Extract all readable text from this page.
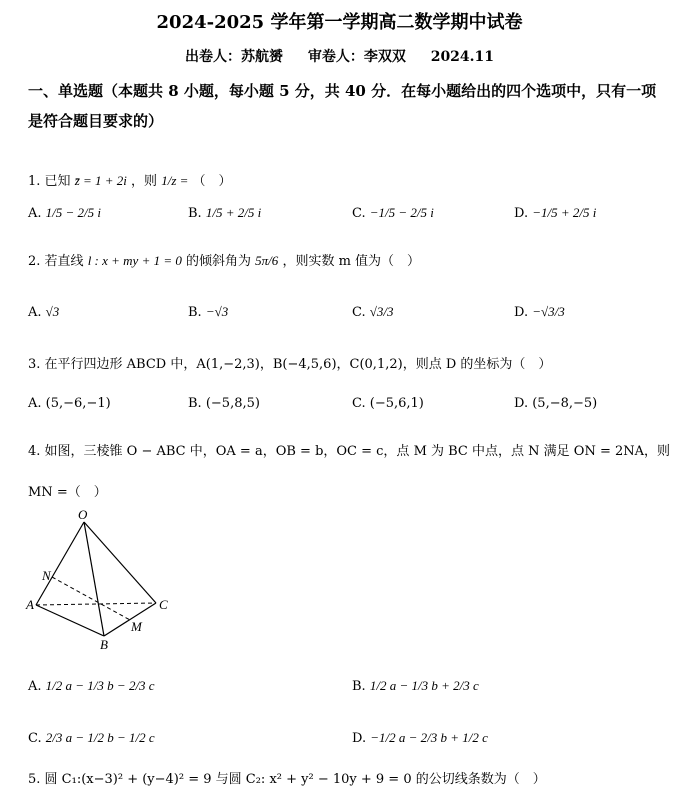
2024-2025 学年第一学期高二数学期中试卷
出卷人：苏航赟 审卷人：李双双 2024.11
一、单选题（本题共 8 小题，每小题 5 分，共 40 分．在每小题给出的四个选项中，只有一项
是符合题目要求的）
1. 已知 z̄ = 1 + 2i ，则 1/z = （　）
A. 1/5 − 2/5 i	B. 1/5 + 2/5 i	C. −1/5 − 2/5 i	D. −1/5 + 2/5 i
2. 若直线 l : x + my + 1 = 0 的倾斜角为 5π/6 ，则实数 m 值为（　）
A. √3	B. −√3	C. √3/3	D. −√3/3
3. 在平行四边形 ABCD 中，A(1,−2,3)，B(−4,5,6)，C(0,1,2)，则点 D 的坐标为（　）
A. (5,−6,−1)	B. (−5,8,5)	C. (−5,6,1)	D. (5,−8,−5)
4. 如图，三棱锥 O − ABC 中，OA = a，OB = b，OC = c，点 M 为 BC 中点，点 N 满足 ON = 2NA，则
MN =（　）
O
N
A
B
C
M
A. 1/2 a − 1/3 b − 2/3 c	B. 1/2 a − 1/3 b + 2/3 c
C. 2/3 a − 1/2 b − 1/2 c	D. −1/2 a − 2/3 b + 1/2 c
5. 圆 C₁:(x−3)² + (y−4)² = 9 与圆 C₂: x² + y² − 10y + 9 = 0 的公切线条数为（　）
